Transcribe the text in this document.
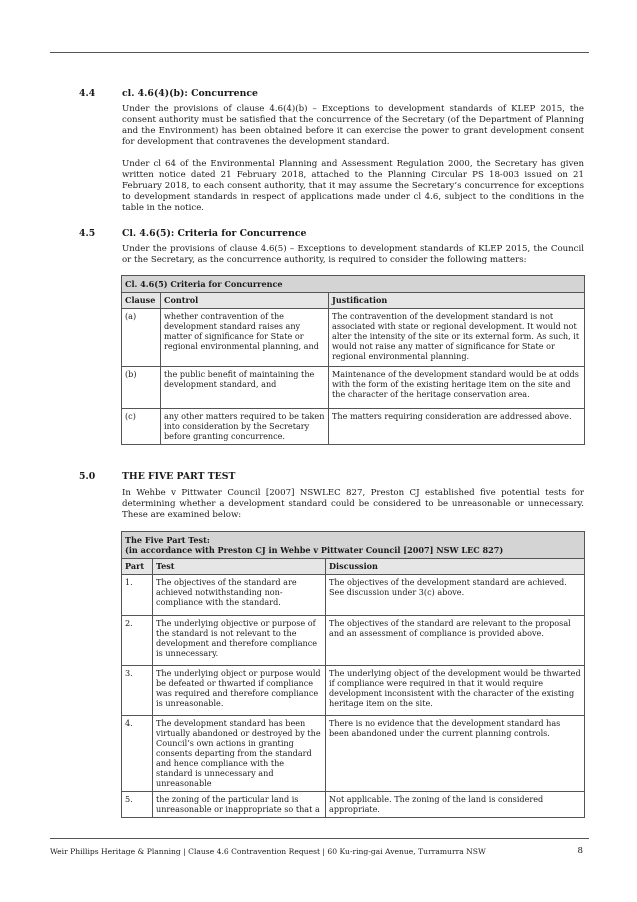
4.4	cl. 4.6(4)(b): Concurrence

Under the provisions of clause 4.6(4)(b) – Exceptions to development standards of KLEP 2015, the consent authority must be satisfied that the concurrence of the Secretary (of the Department of Planning and the Environment) has been obtained before it can exercise the power to grant development consent for development that contravenes the development standard.

Under cl 64 of the Environmental Planning and Assessment Regulation 2000, the Secretary has given written notice dated 21 February 2018, attached to the Planning Circular PS 18-003 issued on 21 February 2018, to each consent authority, that it may assume the Secretary’s concurrence for exceptions to development standards in respect of applications made under cl 4.6, subject to the conditions in the table in the notice.

4.5	Cl. 4.6(5): Criteria for Concurrence

Under the provisions of clause 4.6(5) – Exceptions to development standards of KLEP 2015, the Council or the Secretary, as the concurrence authority, is required to consider the following matters:

Cl. 4.6(5) Criteria for Concurrence		
Clause	Control	Justification
(a)	whether contravention of the development standard raises any matter of significance for State or regional environmental planning, and	The contravention of the development standard is not associated with state or regional development. It would not alter the intensity of the site or its external form. As such, it would not raise any matter of significance for State or regional environmental planning.
(b)	the public benefit of maintaining the development standard, and	Maintenance of the development standard would be at odds with the form of the existing heritage item on the site and the character of the heritage conservation area.
(c)	any other matters required to be taken into consideration by the Secretary before granting concurrence.	The matters requiring consideration are addressed above.
5.0	THE FIVE PART TEST

In Wehbe v Pittwater Council [2007] NSWLEC 827, Preston CJ established five potential tests for determining whether a development standard could be considered to be unreasonable or unnecessary. These are examined below:

The Five Part Test:
(in accordance with Preston CJ in Wehbe v Pittwater Council [2007] NSW LEC 827)		

Part	Test	Discussion
1.	The objectives of the standard are achieved notwithstanding non-compliance with the standard.	The objectives of the development standard are achieved. See discussion under 3(c) above.
2.	The underlying objective or purpose of the standard is not relevant to the development and therefore compliance is unnecessary.	The objectives of the standard are relevant to the proposal and an assessment of compliance is provided above.
3.	The underlying object or purpose would be defeated or thwarted if compliance was required and therefore compliance is unreasonable.	The underlying object of the development would be thwarted if compliance were required in that it would require development inconsistent with the character of the existing heritage item on the site.
4.	The development standard has been virtually abandoned or destroyed by the Council’s own actions in granting consents departing from the standard and hence compliance with the standard is unnecessary and unreasonable	There is no evidence that the development standard has been abandoned under the current planning controls.
5.	the zoning of the particular land is unreasonable or inappropriate so that a	Not applicable. The zoning of the land is considered appropriate.
Weir Phillips Heritage & Planning | Clause 4.6 Contravention Request | 60 Ku-ring-gai Avenue, Turramurra NSW	8
